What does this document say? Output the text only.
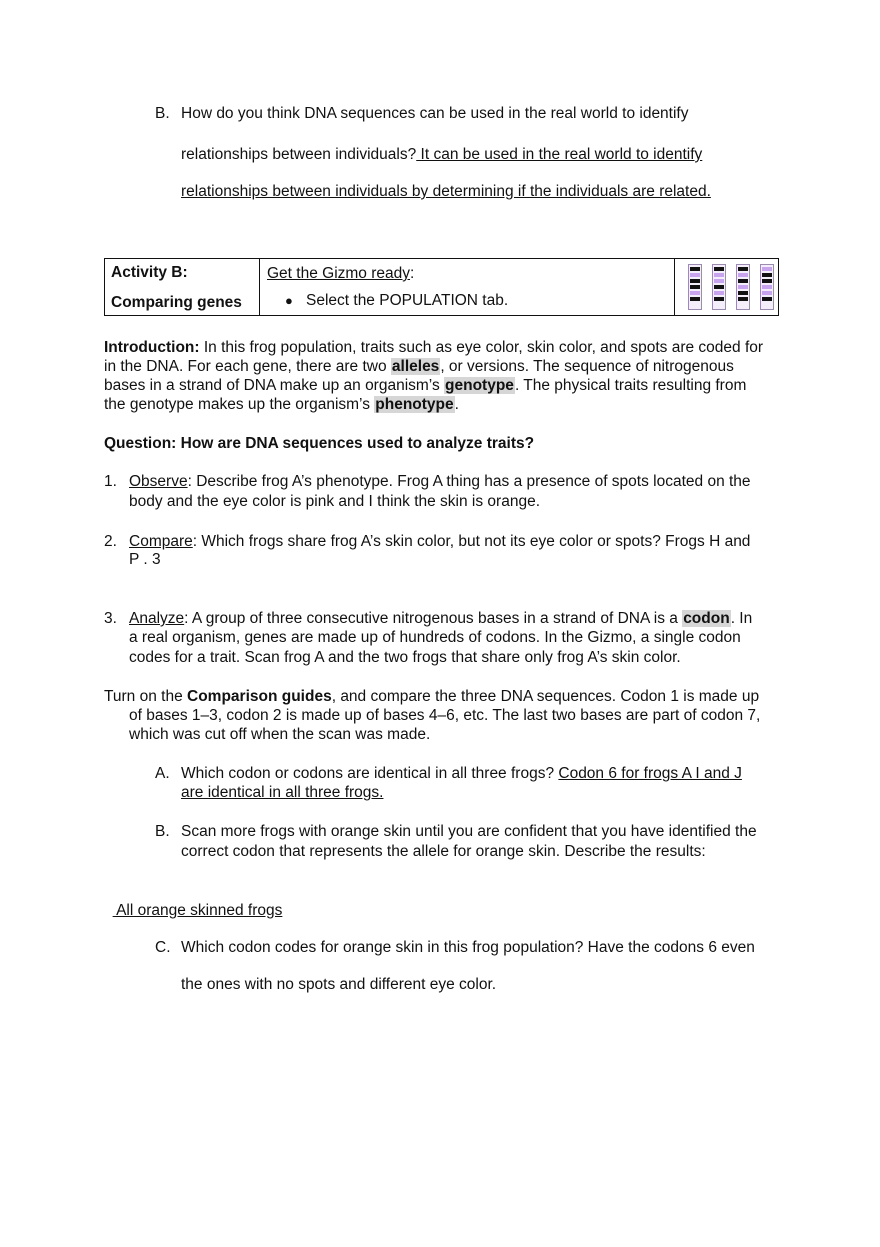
B. How do you think DNA sequences can be used in the real world to identify
relationships between individuals? It can be used in the real world to identify
relationships between individuals by determining if the individuals are related.
Activity B:
Comparing genes
Get the Gizmo ready:
● Select the POPULATION tab.
Introduction: In this frog population, traits such as eye color, skin color, and spots are coded for
in the DNA. For each gene, there are two alleles, or versions. The sequence of nitrogenous
bases in a strand of DNA make up an organism’s genotype. The physical traits resulting from
the genotype makes up the organism’s phenotype.
Question: How are DNA sequences used to analyze traits?
1. Observe: Describe frog A’s phenotype. Frog A thing has a presence of spots located on the
body and the eye color is pink and I think the skin is orange.
2. Compare: Which frogs share frog A’s skin color, but not its eye color or spots? Frogs H and
P . 3
3. Analyze: A group of three consecutive nitrogenous bases in a strand of DNA is a codon. In
a real organism, genes are made up of hundreds of codons. In the Gizmo, a single codon
codes for a trait. Scan frog A and the two frogs that share only frog A’s skin color.
Turn on the Comparison guides, and compare the three DNA sequences. Codon 1 is made up
of bases 1–3, codon 2 is made up of bases 4–6, etc. The last two bases are part of codon 7,
which was cut off when the scan was made.
A. Which codon or codons are identical in all three frogs? Codon 6 for frogs A I and J
are identical in all three frogs.
B. Scan more frogs with orange skin until you are confident that you have identified the
correct codon that represents the allele for orange skin. Describe the results:

All orange skinned frogs

C. Which codon codes for orange skin in this frog population? Have the codons 6 even
the ones with no spots and different eye color.
